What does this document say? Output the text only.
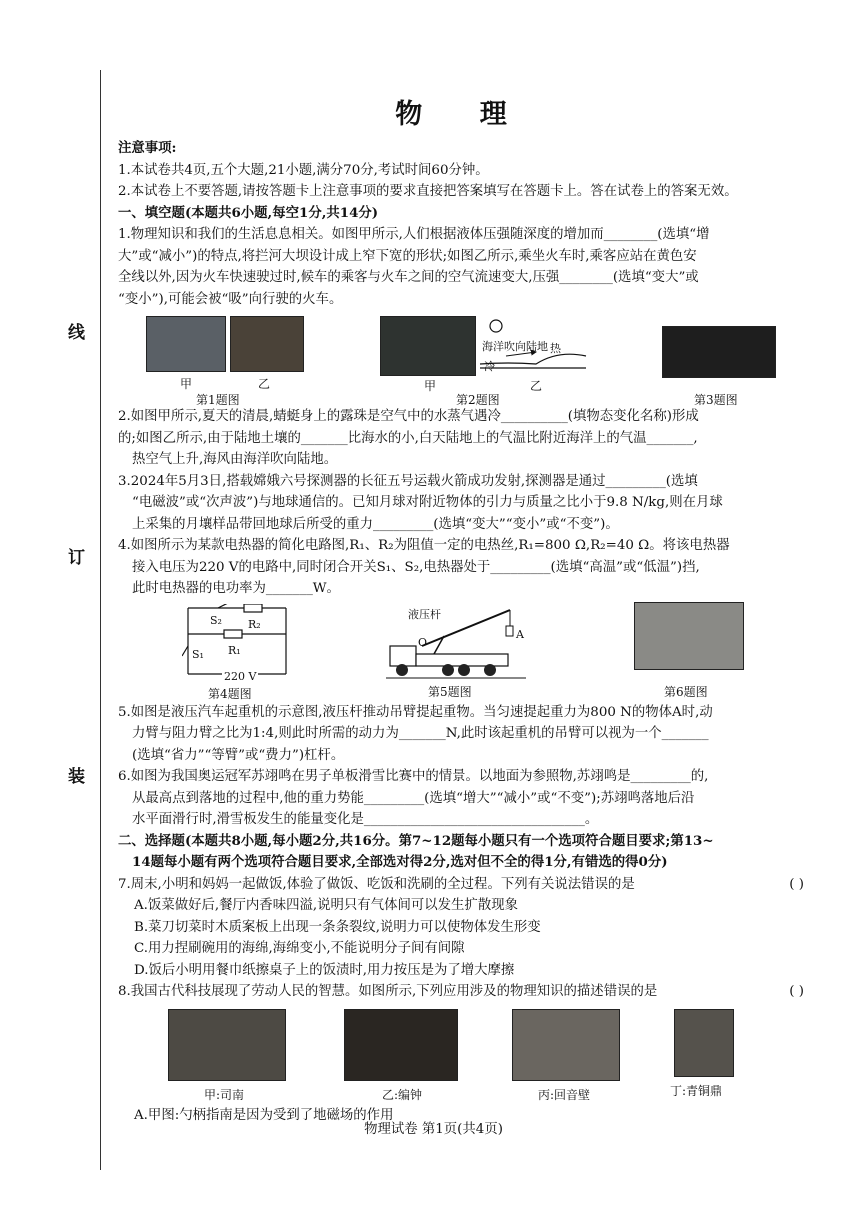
线
订
装
物 理
注意事项:
1.本试卷共4页,五个大题,21小题,满分70分,考试时间60分钟。
2.本试卷上不要答题,请按答题卡上注意事项的要求直接把答案填写在答题卡上。答在试卷上的答案无效。
一、填空题(本题共6小题,每空1分,共14分)
1.物理知识和我们的生活息息相关。如图甲所示,人们根据液体压强随深度的增加而________(选填“增
大”或“减小”)的特点,将拦河大坝设计成上窄下宽的形状;如图乙所示,乘坐火车时,乘客应站在黄色安
全线以外,因为火车快速驶过时,候车的乘客与火车之间的空气流速变大,压强________(选填“变大”或
“变小”),可能会被“吸”向行驶的火车。
甲	乙
第1题图
海洋吹向陆地 热
冷
甲	乙
第2题图	第3题图
2.如图甲所示,夏天的清晨,蜻蜓身上的露珠是空气中的水蒸气遇冷__________(填物态变化名称)形成
的;如图乙所示,由于陆地土壤的_______比海水的小,白天陆地上的气温比附近海洋上的气温_______,
热空气上升,海风由海洋吹向陆地。
3.2024年5月3日,搭载嫦娥六号探测器的长征五号运载火箭成功发射,探测器是通过_________(选填
“电磁波”或“次声波”)与地球通信的。已知月球对附近物体的引力与质量之比小于9.8 N/kg,则在月球
上采集的月壤样品带回地球后所受的重力_________(选填“变大”“变小”或“不变”)。
4.如图所示为某款电热器的简化电路图,R₁、R₂为阻值一定的电热丝,R₁=800 Ω,R₂=40 Ω。将该电热器
接入电压为220 V的电路中,同时闭合开关S₁、S₂,电热器处于_________(选填“高温”或“低温”)挡,
此时电热器的电功率为_______W。
S₂ R₂
S₁ R₁
220 V
第4题图
液压杆
O
A
第5题图	第6题图
5.如图是液压汽车起重机的示意图,液压杆推动吊臂提起重物。当匀速提起重力为800 N的物体A时,动
力臂与阻力臂之比为1:4,则此时所需的动力为_______N,此时该起重机的吊臂可以视为一个_______
(选填“省力”“等臂”或“费力”)杠杆。
6.如图为我国奥运冠军苏翊鸣在男子单板滑雪比赛中的情景。以地面为参照物,苏翊鸣是_________的,
从最高点到落地的过程中,他的重力势能_________(选填“增大”“减小”或“不变”);苏翊鸣落地后沿
水平面滑行时,滑雪板发生的能量变化是_________________________________。
二、选择题(本题共8小题,每小题2分,共16分。第7~12题每小题只有一个选项符合题目要求;第13~
14题每小题有两个选项符合题目要求,全部选对得2分,选对但不全的得1分,有错选的得0分)
7.周末,小明和妈妈一起做饭,体验了做饭、吃饭和洗刷的全过程。下列有关说法错误的是	( )
A.饭菜做好后,餐厅内香味四溢,说明只有气体间可以发生扩散现象
B.菜刀切菜时木质案板上出现一条条裂纹,说明力可以使物体发生形变
C.用力捏刷碗用的海绵,海绵变小,不能说明分子间有间隙
D.饭后小明用餐巾纸擦桌子上的饭渍时,用力按压是为了增大摩擦
8.我国古代科技展现了劳动人民的智慧。如图所示,下列应用涉及的物理知识的描述错误的是	( )
甲:司南	乙:编钟	丙:回音壁	丁:青铜鼎
A.甲图:勺柄指南是因为受到了地磁场的作用
物理试卷 第1页(共4页)
